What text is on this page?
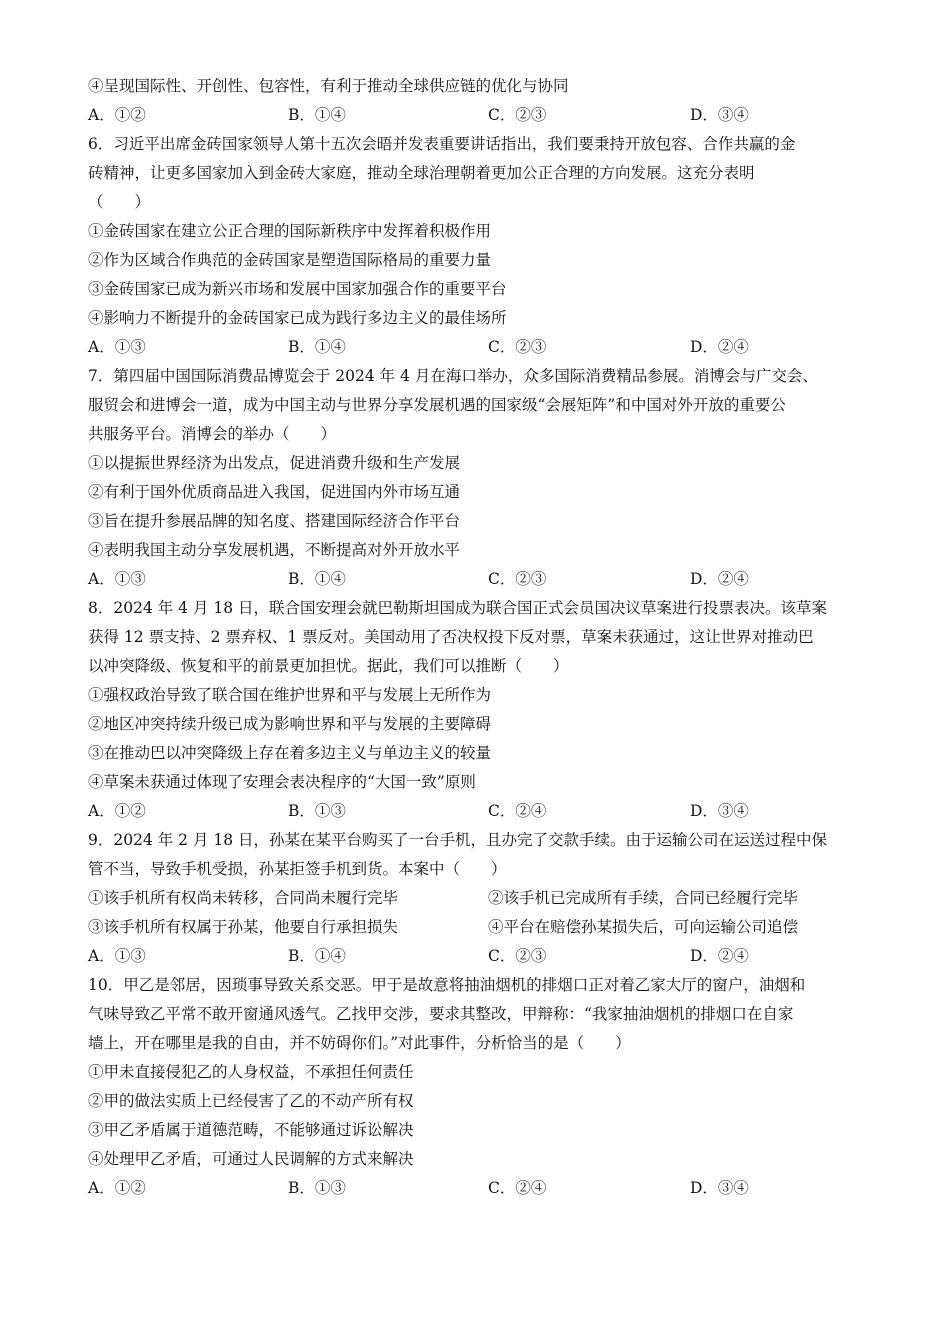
④呈现国际性、开创性、包容性，有利于推动全球供应链的优化与协同
A．①②	B．①④	C．②③	D．③④
6．习近平出席金砖国家领导人第十五次会晤并发表重要讲话指出，我们要秉持开放包容、合作共赢的金
砖精神，让更多国家加入到金砖大家庭，推动全球治理朝着更加公正合理的方向发展。这充分表明
（　　）
①金砖国家在建立公正合理的国际新秩序中发挥着积极作用
②作为区域合作典范的金砖国家是塑造国际格局的重要力量
③金砖国家已成为新兴市场和发展中国家加强合作的重要平台
④影响力不断提升的金砖国家已成为践行多边主义的最佳场所
A．①③	B．①④	C．②③	D．②④
7．第四届中国国际消费品博览会于 2024 年 4 月在海口举办，众多国际消费精品参展。消博会与广交会、
服贸会和进博会一道，成为中国主动与世界分享发展机遇的国家级“会展矩阵”和中国对外开放的重要公
共服务平台。消博会的举办（　　）
①以提振世界经济为出发点，促进消费升级和生产发展
②有利于国外优质商品进入我国，促进国内外市场互通
③旨在提升参展品牌的知名度、搭建国际经济合作平台
④表明我国主动分享发展机遇，不断提高对外开放水平
A．①③	B．①④	C．②③	D．②④
8．2024 年 4 月 18 日，联合国安理会就巴勒斯坦国成为联合国正式会员国决议草案进行投票表决。该草案
获得 12 票支持、2 票弃权、1 票反对。美国动用了否决权投下反对票，草案未获通过，这让世界对推动巴
以冲突降级、恢复和平的前景更加担忧。据此，我们可以推断（　　）
①强权政治导致了联合国在维护世界和平与发展上无所作为
②地区冲突持续升级已成为影响世界和平与发展的主要障碍
③在推动巴以冲突降级上存在着多边主义与单边主义的较量
④草案未获通过体现了安理会表决程序的“大国一致”原则
A．①②	B．①③	C．②④	D．③④
9．2024 年 2 月 18 日，孙某在某平台购买了一台手机，且办完了交款手续。由于运输公司在运送过程中保
管不当，导致手机受损，孙某拒签手机到货。本案中（　　）
①该手机所有权尚未转移，合同尚未履行完毕	②该手机已完成所有手续，合同已经履行完毕
③该手机所有权属于孙某，他要自行承担损失	④平台在赔偿孙某损失后，可向运输公司追偿
A．①③	B．①④	C．②③	D．②④
10．甲乙是邻居，因琐事导致关系交恶。甲于是故意将抽油烟机的排烟口正对着乙家大厅的窗户，油烟和
气味导致乙平常不敢开窗通风透气。乙找甲交涉，要求其整改，甲辩称：“我家抽油烟机的排烟口在自家
墙上，开在哪里是我的自由，并不妨碍你们。”对此事件，分析恰当的是（　　）
①甲未直接侵犯乙的人身权益，不承担任何责任
②甲的做法实质上已经侵害了乙的不动产所有权
③甲乙矛盾属于道德范畴，不能够通过诉讼解决
④处理甲乙矛盾，可通过人民调解的方式来解决
A．①②	B．①③	C．②④	D．③④
